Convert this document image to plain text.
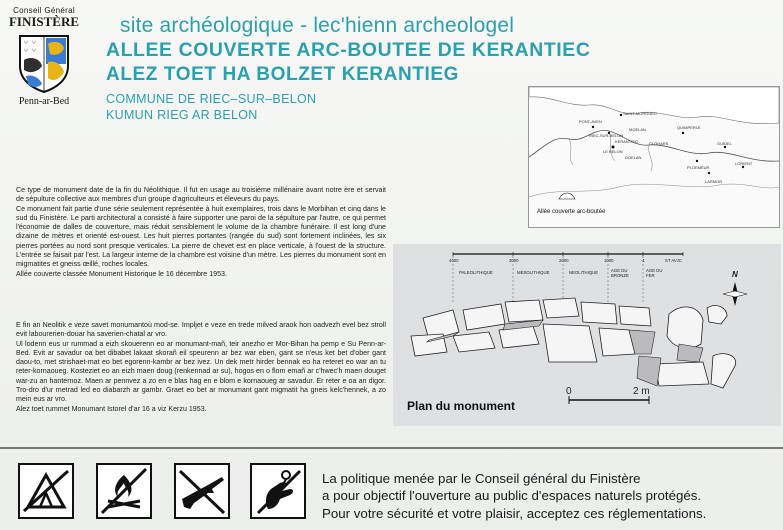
Conseil Général
FINISTÈRE
Penn-ar-Bed
site archéologique - lec'hienn archeologel
ALLEE COUVERTE ARC-BOUTEE DE KERANTIEC
ALEZ TOET HA BOLZET KERANTIEG
COMMUNE DE RIEC–SUR–BELON
KUMUN RIEG AR BELON	SAINT-MORGUED
PONT-AVEN
RIEC-SUR-BELON
MOELAN	QUIMPERLE
CLOHARS
LE BELON
KERANTIEC
DOELAN
GUIDEL
LORIENT
PLOEMEUR
LARMOR
Allée couverte arc-boutée

Ce type de monument date de la fin du Néolithique. Il fut en usage au troisième millénaire avant notre ère et servait de sépulture collective aux membres d'un groupe d'agriculteurs et éleveurs du pays.

Ce monument fait partie d'une série seulement représentée à huit exemplaires, trois dans le Morbihan et cinq dans le sud du Finistère. Le parti architectural a consisté à faire supporter une paroi de la sépulture par l'autre, ce qui permet l'économie de dalles de couverture, mais réduit sensiblement le volume de la chambre funéraire. Il est long d'une dizaine de mètres et orienté est-ouest. Les huit pierres portantes (rangée du sud) sont fortement inclinées, les six pierres portées au nord sont presque verticales. La pierre de chevet est en place verticale, à l'ouest de la structure. L'entrée se faisait par l'est. La largeur interne de la chambre est voisine d'un mètre. Les pierres du monument sont en migmatites et gneiss œillé, roches locales.

Allée couverte classée Monument Historique le 16 décembre 1953.

E fin an Neolitik e veze savet monumantoù mod-se. Impljet e veze en trede milved araok hon oadvezh evel bez stroll evit labourerien-douar ha saverien-chatal ar vro.

Ul lodenn eus ur rummad a eizh skouerenn eo ar monumant-mañ, teir anezho er Mor-Bihan ha pemp e Su Penn-ar-Bed. Evit ar savadur oa bet dibabet lakaat skorañ eil speurenn ar bez war eben, gant se n'eus ket bet d'ober gant daou-to, met strishaet-mat eo bet egorenn-kambr ar bez ivez. Un dek metr hirder bennak eo ha reteret eo war an tu reter-kornaoueg. Kosteziet eo an eizh maen doug (renkennad ar su), hogos en o flom emañ ar c'hwec'h maen douget war-zu an hanternoz. Maen ar pennvez a zo en e blas hag en e blom e kornaoueg ar savadur. Er reter e oa an digor. Tro-dro d'ur metrad led eo diabarzh ar gambr. Graet eo bet ar monumant gant migmatit ha gneis kelc'hennek, a zo mein eus ar vro.

Alez toet rummet Monumant Istorel d'ar 16 a viz Kerzu 1953.

4000	3000	2000	1000	-1	ST AVJC
PALEOLITHIQUE	MESOLITHIQUE	NEOLITHIQUE	AGE DU BRONZE
AGE DU FER	N
0	2 m
Plan du monument
La politique menée par le Conseil général du Finistère
a pour objectif l'ouverture au public d'espaces naturels protégés.
Pour votre sécurité et votre plaisir, acceptez ces réglementations.
